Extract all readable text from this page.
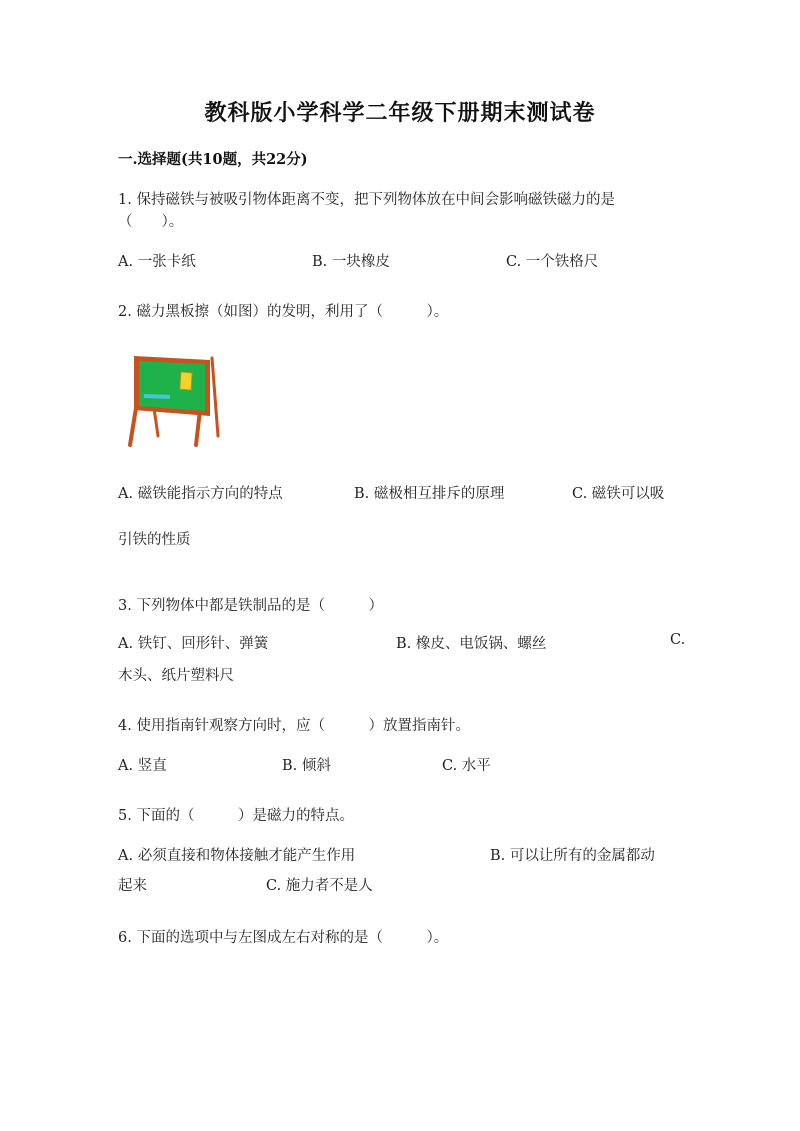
教科版小学科学二年级下册期末测试卷
一.选择题(共10题，共22分)
1. 保持磁铁与被吸引物体距离不变，把下列物体放在中间会影响磁铁磁力的是
（　　）。
A. 一张卡纸	B. 一块橡皮	C. 一个铁格尺
2. 磁力黑板擦（如图）的发明，利用了（　　　）。
A. 磁铁能指示方向的特点	B. 磁极相互排斥的原理	C. 磁铁可以吸
引铁的性质
3. 下列物体中都是铁制品的是（　　　）
A. 铁钉、回形针、弹簧	B. 橡皮、电饭锅、螺丝	C.
木头、纸片塑料尺
4. 使用指南针观察方向时，应（　　　）放置指南针。
A. 竖直	B. 倾斜	C. 水平
5. 下面的（　　　）是磁力的特点。
A. 必须直接和物体接触才能产生作用	B. 可以让所有的金属都动
起来	C. 施力者不是人
6. 下面的选项中与左图成左右对称的是（　　　）。
